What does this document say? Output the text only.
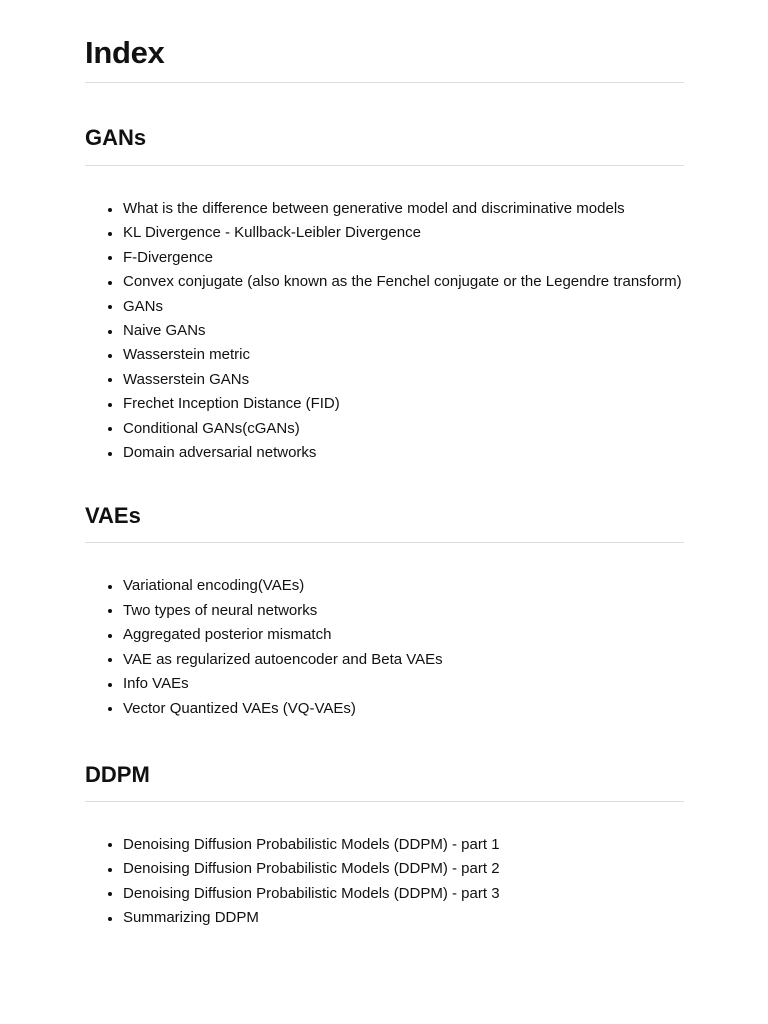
Index
GANs
What is the difference between generative model and discriminative models
KL Divergence - Kullback-Leibler Divergence
F-Divergence
Convex conjugate (also known as the Fenchel conjugate or the Legendre transform)
GANs
Naive GANs
Wasserstein metric
Wasserstein GANs
Frechet Inception Distance (FID)
Conditional GANs(cGANs)
Domain adversarial networks
VAEs
Variational encoding(VAEs)
Two types of neural networks
Aggregated posterior mismatch
VAE as regularized autoencoder and Beta VAEs
Info VAEs
Vector Quantized VAEs (VQ-VAEs)
DDPM
Denoising Diffusion Probabilistic Models (DDPM) - part 1
Denoising Diffusion Probabilistic Models (DDPM) - part 2
Denoising Diffusion Probabilistic Models (DDPM) - part 3
Summarizing DDPM
